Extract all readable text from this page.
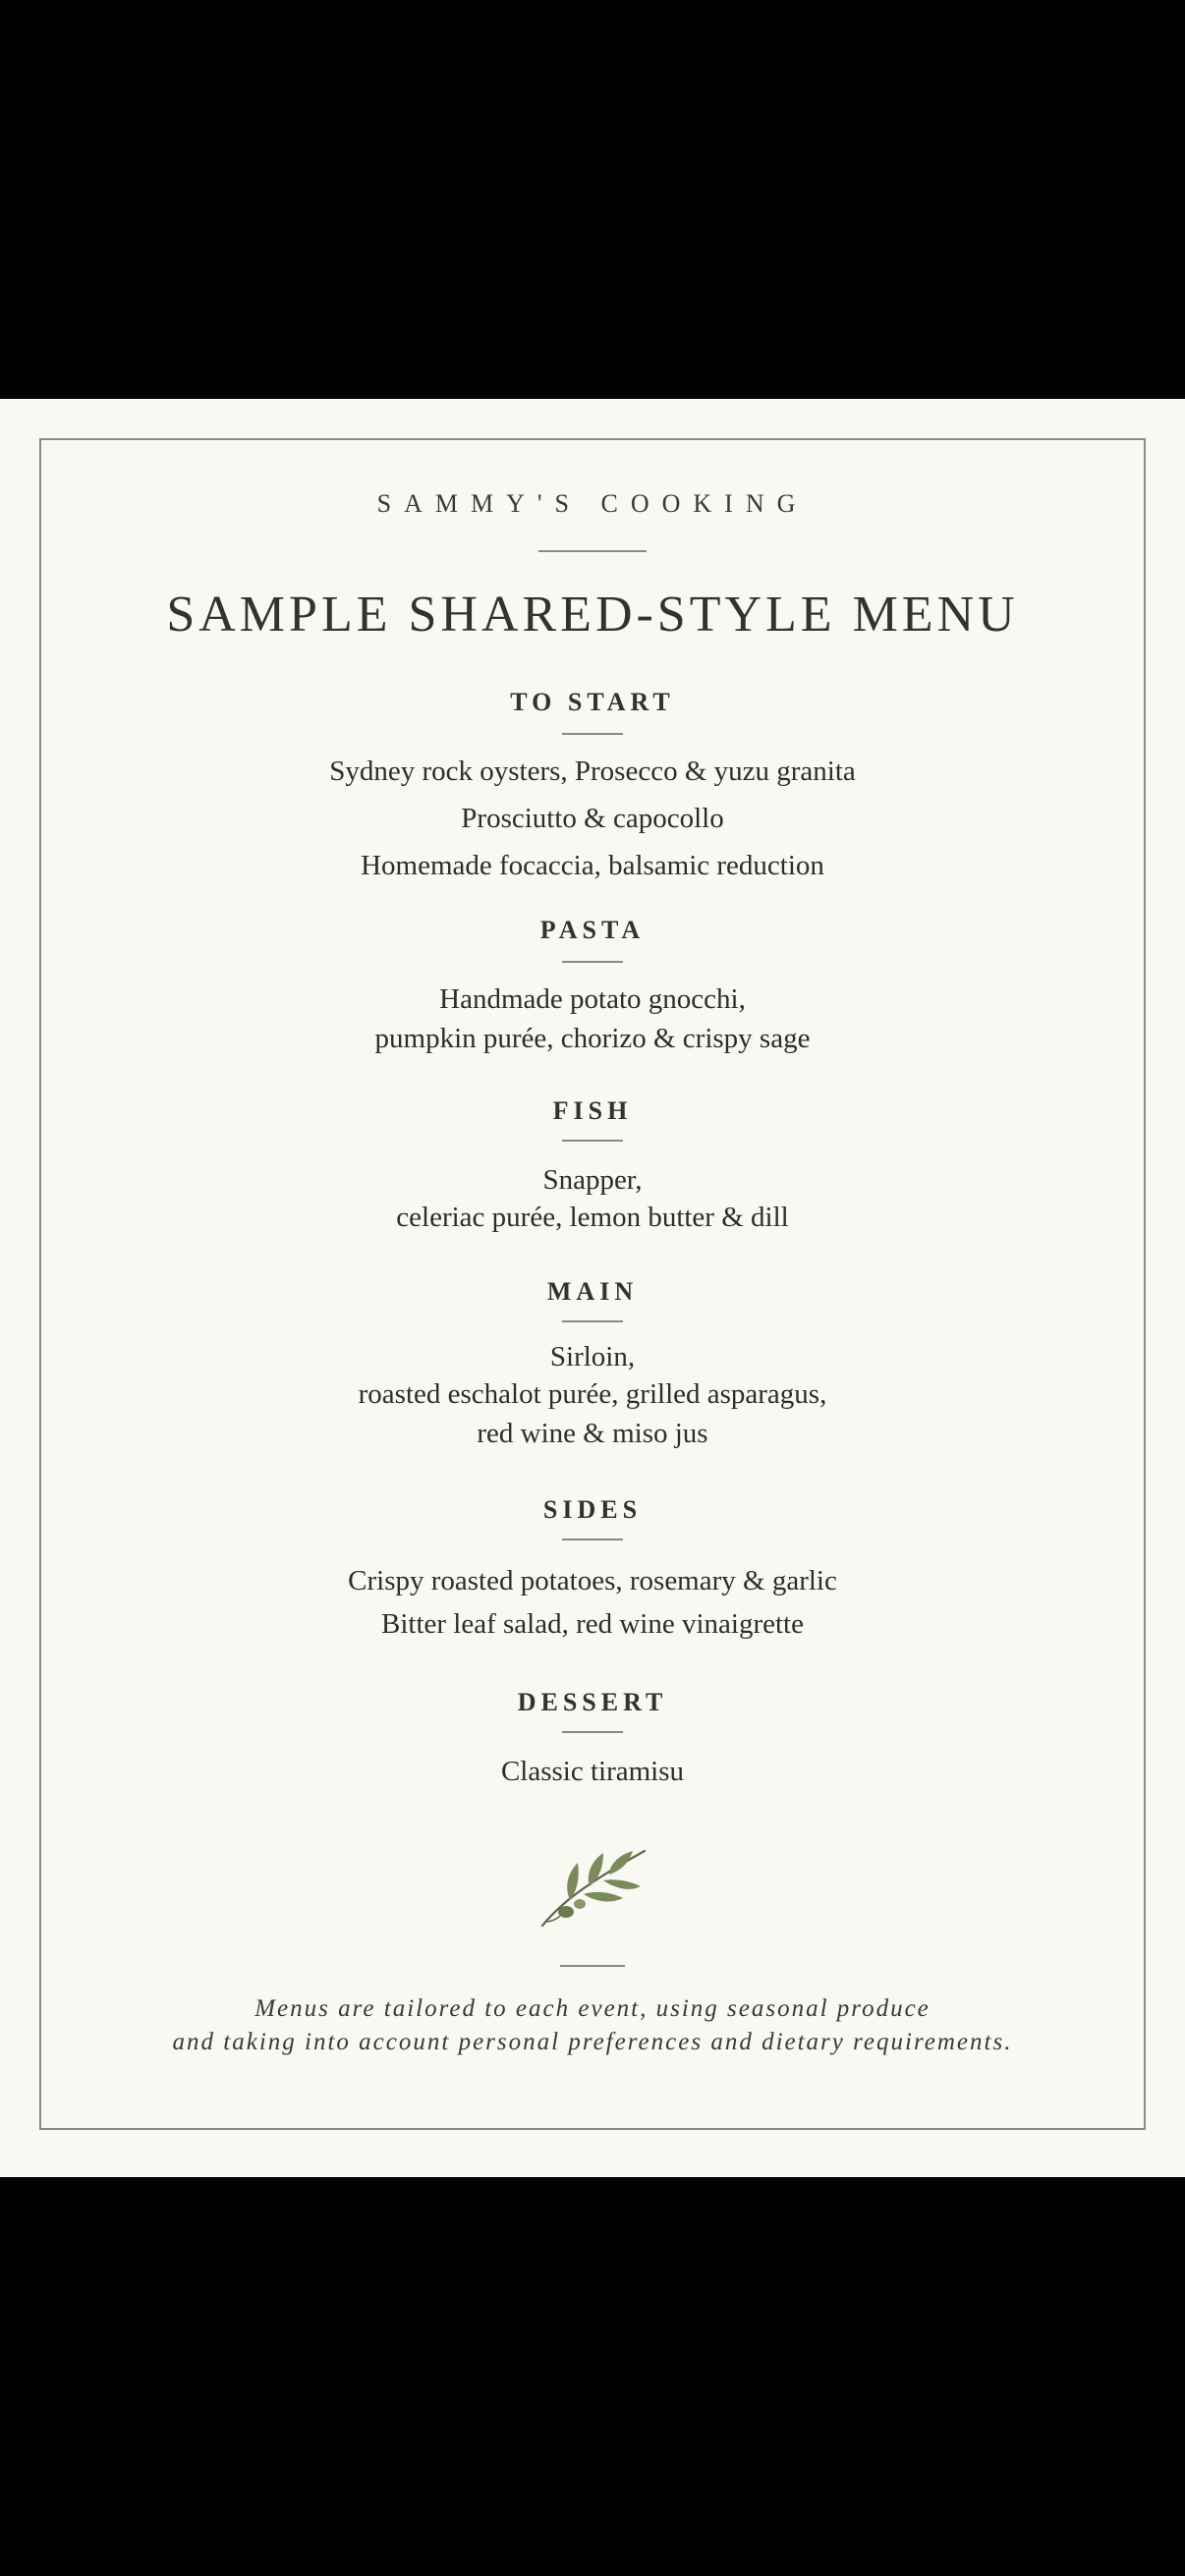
SAMMY'S COOKING
SAMPLE SHARED-STYLE MENU
TO START
Sydney rock oysters, Prosecco & yuzu granita
Prosciutto & capocollo
Homemade focaccia, balsamic reduction
PASTA
Handmade potato gnocchi,
pumpkin purée, chorizo & crispy sage
FISH
Snapper,
celeriac purée, lemon butter & dill
MAIN
Sirloin,
roasted eschalot purée, grilled asparagus,
red wine & miso jus
SIDES
Crispy roasted potatoes, rosemary & garlic
Bitter leaf salad, red wine vinaigrette
DESSERT
Classic tiramisu
Menus are tailored to each event, using seasonal produce
and taking into account personal preferences and dietary requirements.
